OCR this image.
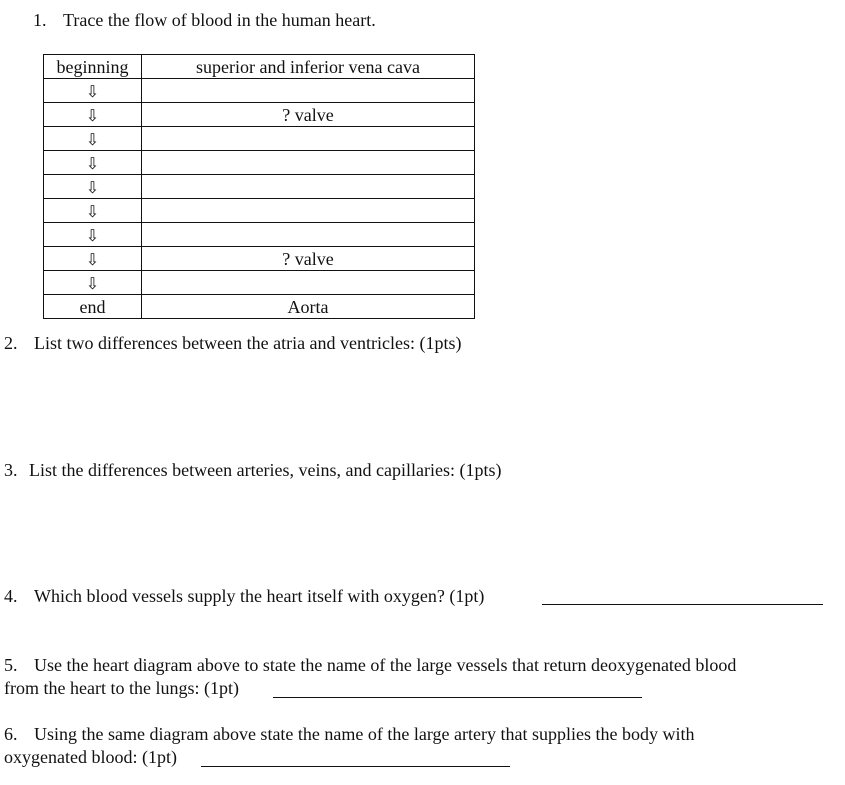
1. Trace the flow of blood in the human heart.
beginning	superior and inferior vena cava
⇩	
⇩	? valve
⇩	
⇩	
⇩	
⇩	
⇩	
⇩	? valve
⇩	
end	Aorta
2. List two differences between the atria and ventricles: (1pts)
3. List the differences between arteries, veins, and capillaries: (1pts)
4. Which blood vessels supply the heart itself with oxygen? (1pt)
5. Use the heart diagram above to state the name of the large vessels that return deoxygenated blood
from the heart to the lungs: (1pt)
6. Using the same diagram above state the name of the large artery that supplies the body with
oxygenated blood: (1pt)
